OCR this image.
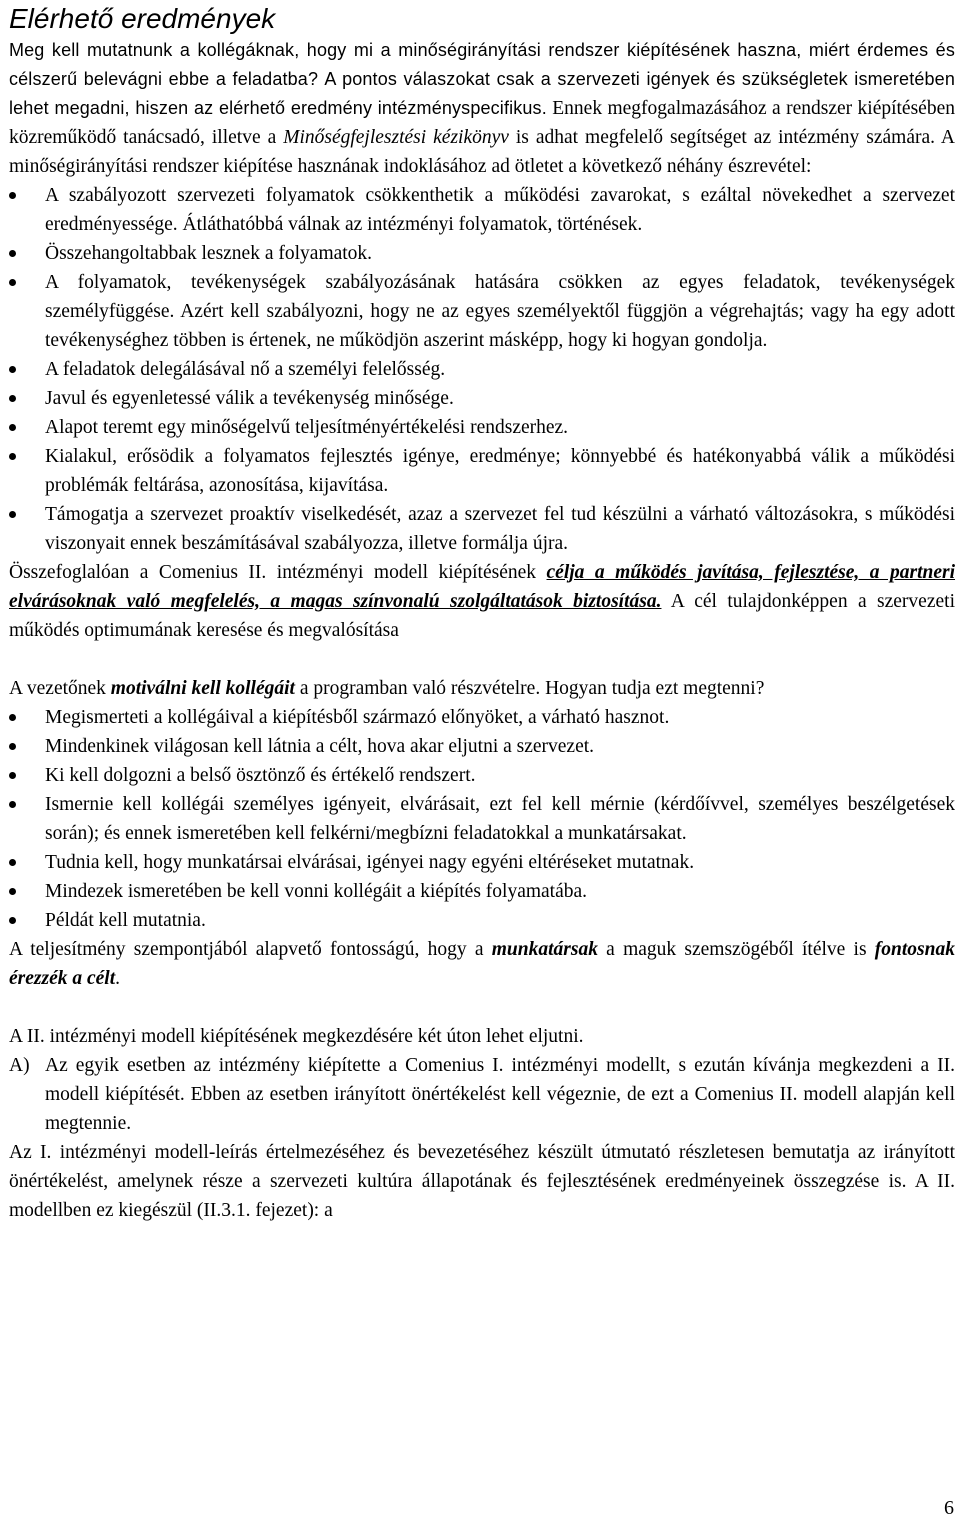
Elérhető eredmények

Meg kell mutatnunk a kollégáknak, hogy mi a minőségirányítási rendszer kiépítésének haszna, miért érdemes és célszerű belevágni ebbe a feladatba? A pontos válaszokat csak a szervezeti igények és szükségletek ismeretében lehet megadni, hiszen az elérhető eredmény intézményspecifikus. Ennek megfogalmazásához a rendszer kiépítésében közreműködő tanácsadó, illetve a Minőségfejlesztési kézikönyv is adhat megfelelő segítséget az intézmény számára. A minőségirányítási rendszer kiépítése hasznának indoklásához ad ötletet a következő néhány észrevétel:

A szabályozott szervezeti folyamatok csökkenthetik a működési zavarokat, s ezáltal növekedhet a szervezet eredményessége. Átláthatóbbá válnak az intézményi folyamatok, történések.
Összehangoltabbak lesznek a folyamatok.
A folyamatok, tevékenységek szabályozásának hatására csökken az egyes feladatok, tevékenységek személyfüggése. Azért kell szabályozni, hogy ne az egyes személyektől függjön a végrehajtás; vagy ha egy adott tevékenységhez többen is értenek, ne működjön aszerint másképp, hogy ki hogyan gondolja.
A feladatok delegálásával nő a személyi felelősség.
Javul és egyenletessé válik a tevékenység minősége.
Alapot teremt egy minőségelvű teljesítményértékelési rendszerhez.
Kialakul, erősödik a folyamatos fejlesztés igénye, eredménye; könnyebbé és hatékonyabbá válik a működési problémák feltárása, azonosítása, kijavítása.
Támogatja a szervezet proaktív viselkedését, azaz a szervezet fel tud készülni a várható változásokra, s működési viszonyait ennek beszámításával szabályozza, illetve formálja újra.

Összefoglalóan a Comenius II. intézményi modell kiépítésének célja a működés javítása, fejlesztése, a partneri elvárásoknak való megfelelés, a magas színvonalú szolgáltatások biztosítása. A cél tulajdonképpen a szervezeti működés optimumának keresése és megvalósítása

A vezetőnek motiválni kell kollégáit a programban való részvételre. Hogyan tudja ezt megtenni?

Megismerteti a kollégáival a kiépítésből származó előnyöket, a várható hasznot.
Mindenkinek világosan kell látnia a célt, hova akar eljutni a szervezet.
Ki kell dolgozni a belső ösztönző és értékelő rendszert.
Ismernie kell kollégái személyes igényeit, elvárásait, ezt fel kell mérnie (kérdőívvel, személyes beszélgetések során); és ennek ismeretében kell felkérni/megbízni feladatokkal a munkatársakat.
Tudnia kell, hogy munkatársai elvárásai, igényei nagy egyéni eltéréseket mutatnak.
Mindezek ismeretében be kell vonni kollégáit a kiépítés folyamatába.
Példát kell mutatnia.

A teljesítmény szempontjából alapvető fontosságú, hogy a munkatársak a maguk szemszögéből ítélve is fontosnak érezzék a célt.

A II. intézményi modell kiépítésének megkezdésére két úton lehet eljutni.

A) Az egyik esetben az intézmény kiépítette a Comenius I. intézményi modellt, s ezután kívánja megkezdeni a II. modell kiépítését. Ebben az esetben irányított önértékelést kell végeznie, de ezt a Comenius II. modell alapján kell megtennie.

Az I. intézményi modell-leírás értelmezéséhez és bevezetéséhez készült útmutató részletesen bemutatja az irányított önértékelést, amelynek része a szervezeti kultúra állapotának és fejlesztésének eredményeinek összegzése is. A II. modellben ez kiegészül (II.3.1. fejezet): a

6
